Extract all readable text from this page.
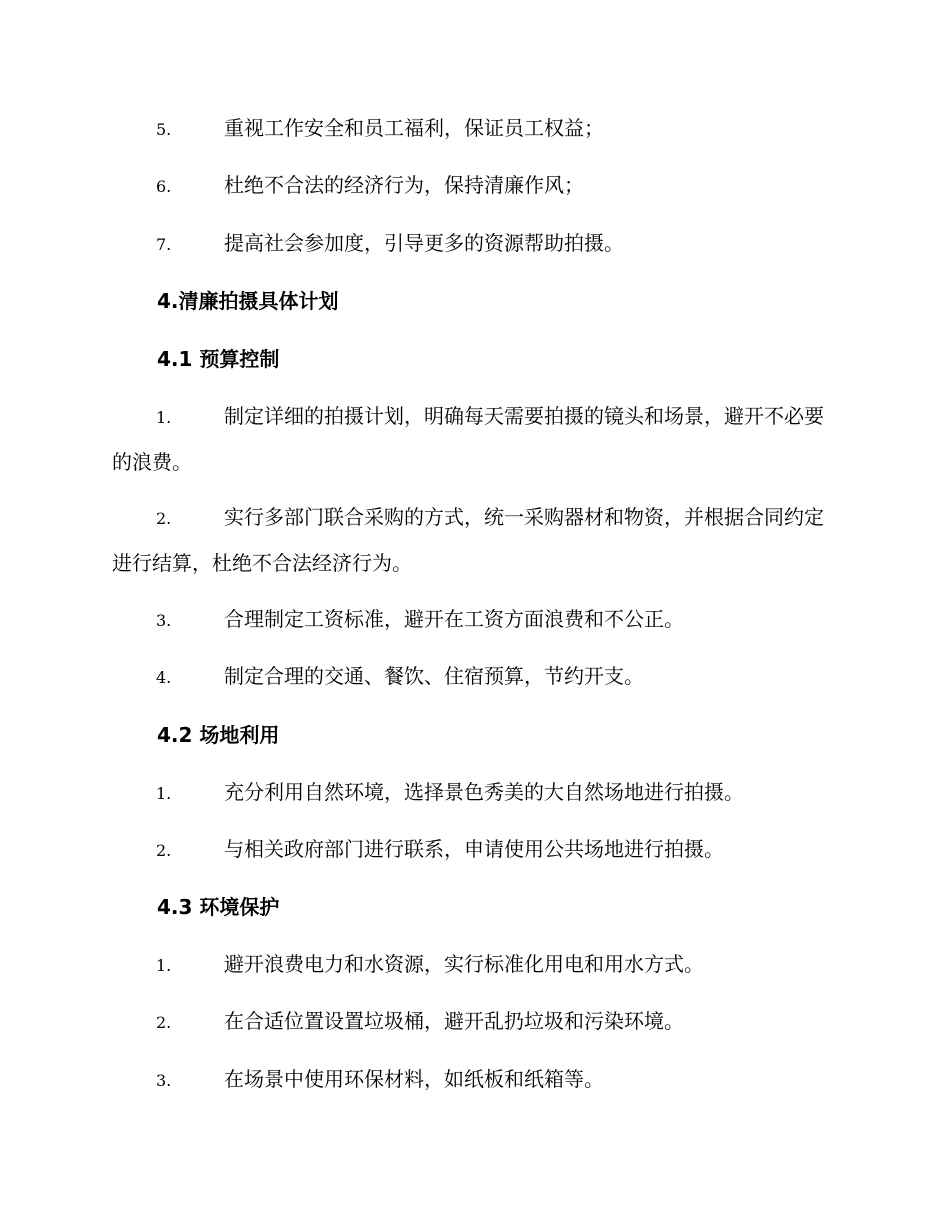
5.	重视工作安全和员工福利，保证员工权益；
6.	杜绝不合法的经济行为，保持清廉作风；
7.	提高社会参加度，引导更多的资源帮助拍摄。
4.清廉拍摄具体计划
4.1 预算控制
1.	制定详细的拍摄计划，明确每天需要拍摄的镜头和场景，避开不必要的浪费。
2.	实行多部门联合采购的方式，统一采购器材和物资，并根据合同约定进行结算，杜绝不合法经济行为。
3.	合理制定工资标准，避开在工资方面浪费和不公正。
4.	制定合理的交通、餐饮、住宿预算，节约开支。
4.2 场地利用
1.	充分利用自然环境，选择景色秀美的大自然场地进行拍摄。
2.	与相关政府部门进行联系，申请使用公共场地进行拍摄。
4.3 环境保护
1.	避开浪费电力和水资源，实行标准化用电和用水方式。
2.	在合适位置设置垃圾桶，避开乱扔垃圾和污染环境。
3.	在场景中使用环保材料，如纸板和纸箱等。
